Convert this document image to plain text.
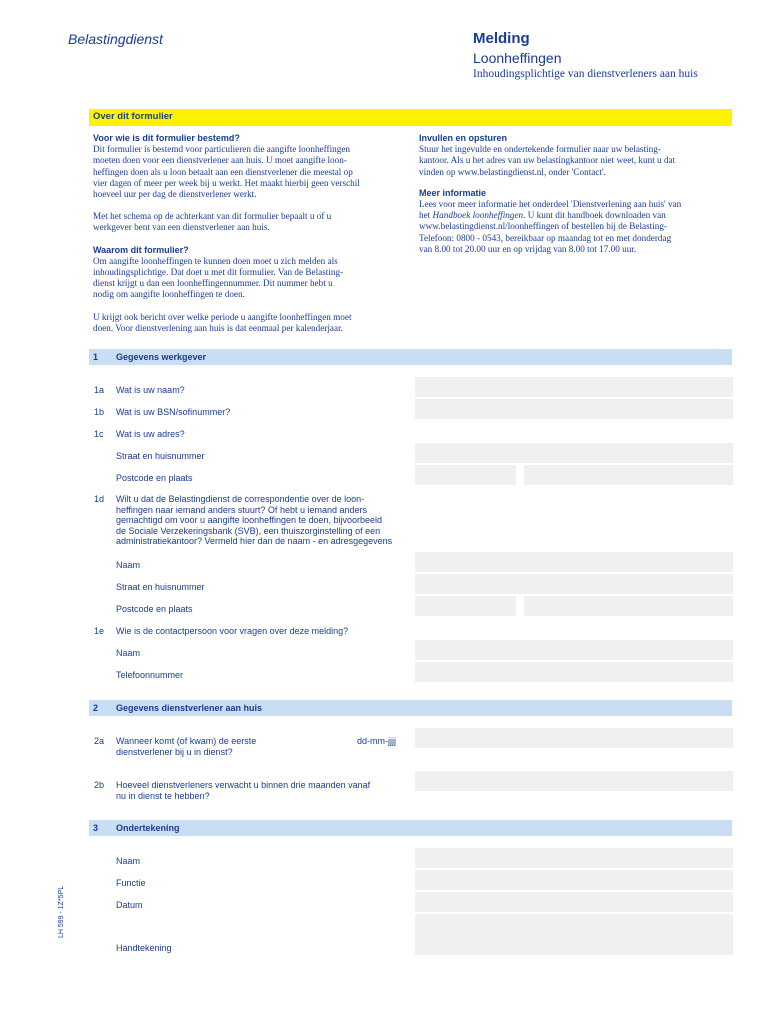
Belastingdienst	Melding
Loonheffingen
Inhoudingsplichtige van dienstverleners aan huis
Over dit formulier
Voor wie is dit formulier bestemd?

Dit formulier is bestemd voor particulieren die aangifte loonheffingen
moeten doen voor een dienstverlener aan huis. U moet aangifte loon-
heffingen doen als u loon betaalt aan een dienstverlener die meestal op
vier dagen of meer per week bij u werkt. Het maakt hierbij geen verschil
hoeveel uur per dag de dienstverlener werkt.

Met het schema op de achterkant van dit formulier bepaalt u of u
werkgever bent van een dienstverlener aan huis.

Waarom dit formulier?

Om aangifte loonheffingen te kunnen doen moet u zich melden als
inhoudingsplichtige. Dat doet u met dit formulier. Van de Belasting-
dienst krijgt u dan een loonheffingennummer. Dit nummer hebt u
nodig om aangifte loonheffingen te doen.

U krijgt ook bericht over welke periode u aangifte loonheffingen moet
doen. Voor dienstverlening aan huis is dat eenmaal per kalenderjaar.

Invullen en opsturen

Stuur het ingevulde en ondertekende formulier naar uw belasting-
kantoor. Als u het adres van uw belastingkantoor niet weet, kunt u dat
vinden op www.belastingdienst.nl, onder 'Contact'.

Meer informatie

Lees voor meer informatie het onderdeel 'Dienstverlening aan huis' van
het Handboek loonheffingen. U kunt dit handboek downloaden van
www.belastingdienst.nl/loonheffingen of bestellen bij de Belasting-
Telefoon: 0800 - 0543, bereikbaar op maandag tot en met donderdag
van 8.00 tot 20.00 uur en op vrijdag van 8.00 tot 17.00 uur.

1 Gegevens werkgever
1a Wat is uw naam?
1b Wat is uw BSN/sofinummer?
1c Wat is uw adres?
Straat en huisnummer
Postcode en plaats
1d Wilt u dat de Belastingdienst de correspondentie over de loon-
heffingen naar iemand anders stuurt? Of hebt u iemand anders
gemachtigd om voor u aangifte loonheffingen te doen, bijvoorbeeld
de Sociale Verzekeringsbank (SVB), een thuiszorginstelling of een
administratiekantoor? Vermeld hier dan de naam - en adresgegevens
Naam
Straat en huisnummer
Postcode en plaats
1e Wie is de contactpersoon voor vragen over deze melding?
Naam
Telefoonnummer
2 Gegevens dienstverlener aan huis
2a Wanneer komt (of kwam) de eerste
dienstverlener bij u in dienst?
dd-mm-jjjj
2b Hoeveel dienstverleners verwacht u binnen drie maanden vanaf
nu in dienst te hebben?
3 Ondertekening
Naam
Functie
Datum
Handtekening
LH 599 - 1Z*5PL
